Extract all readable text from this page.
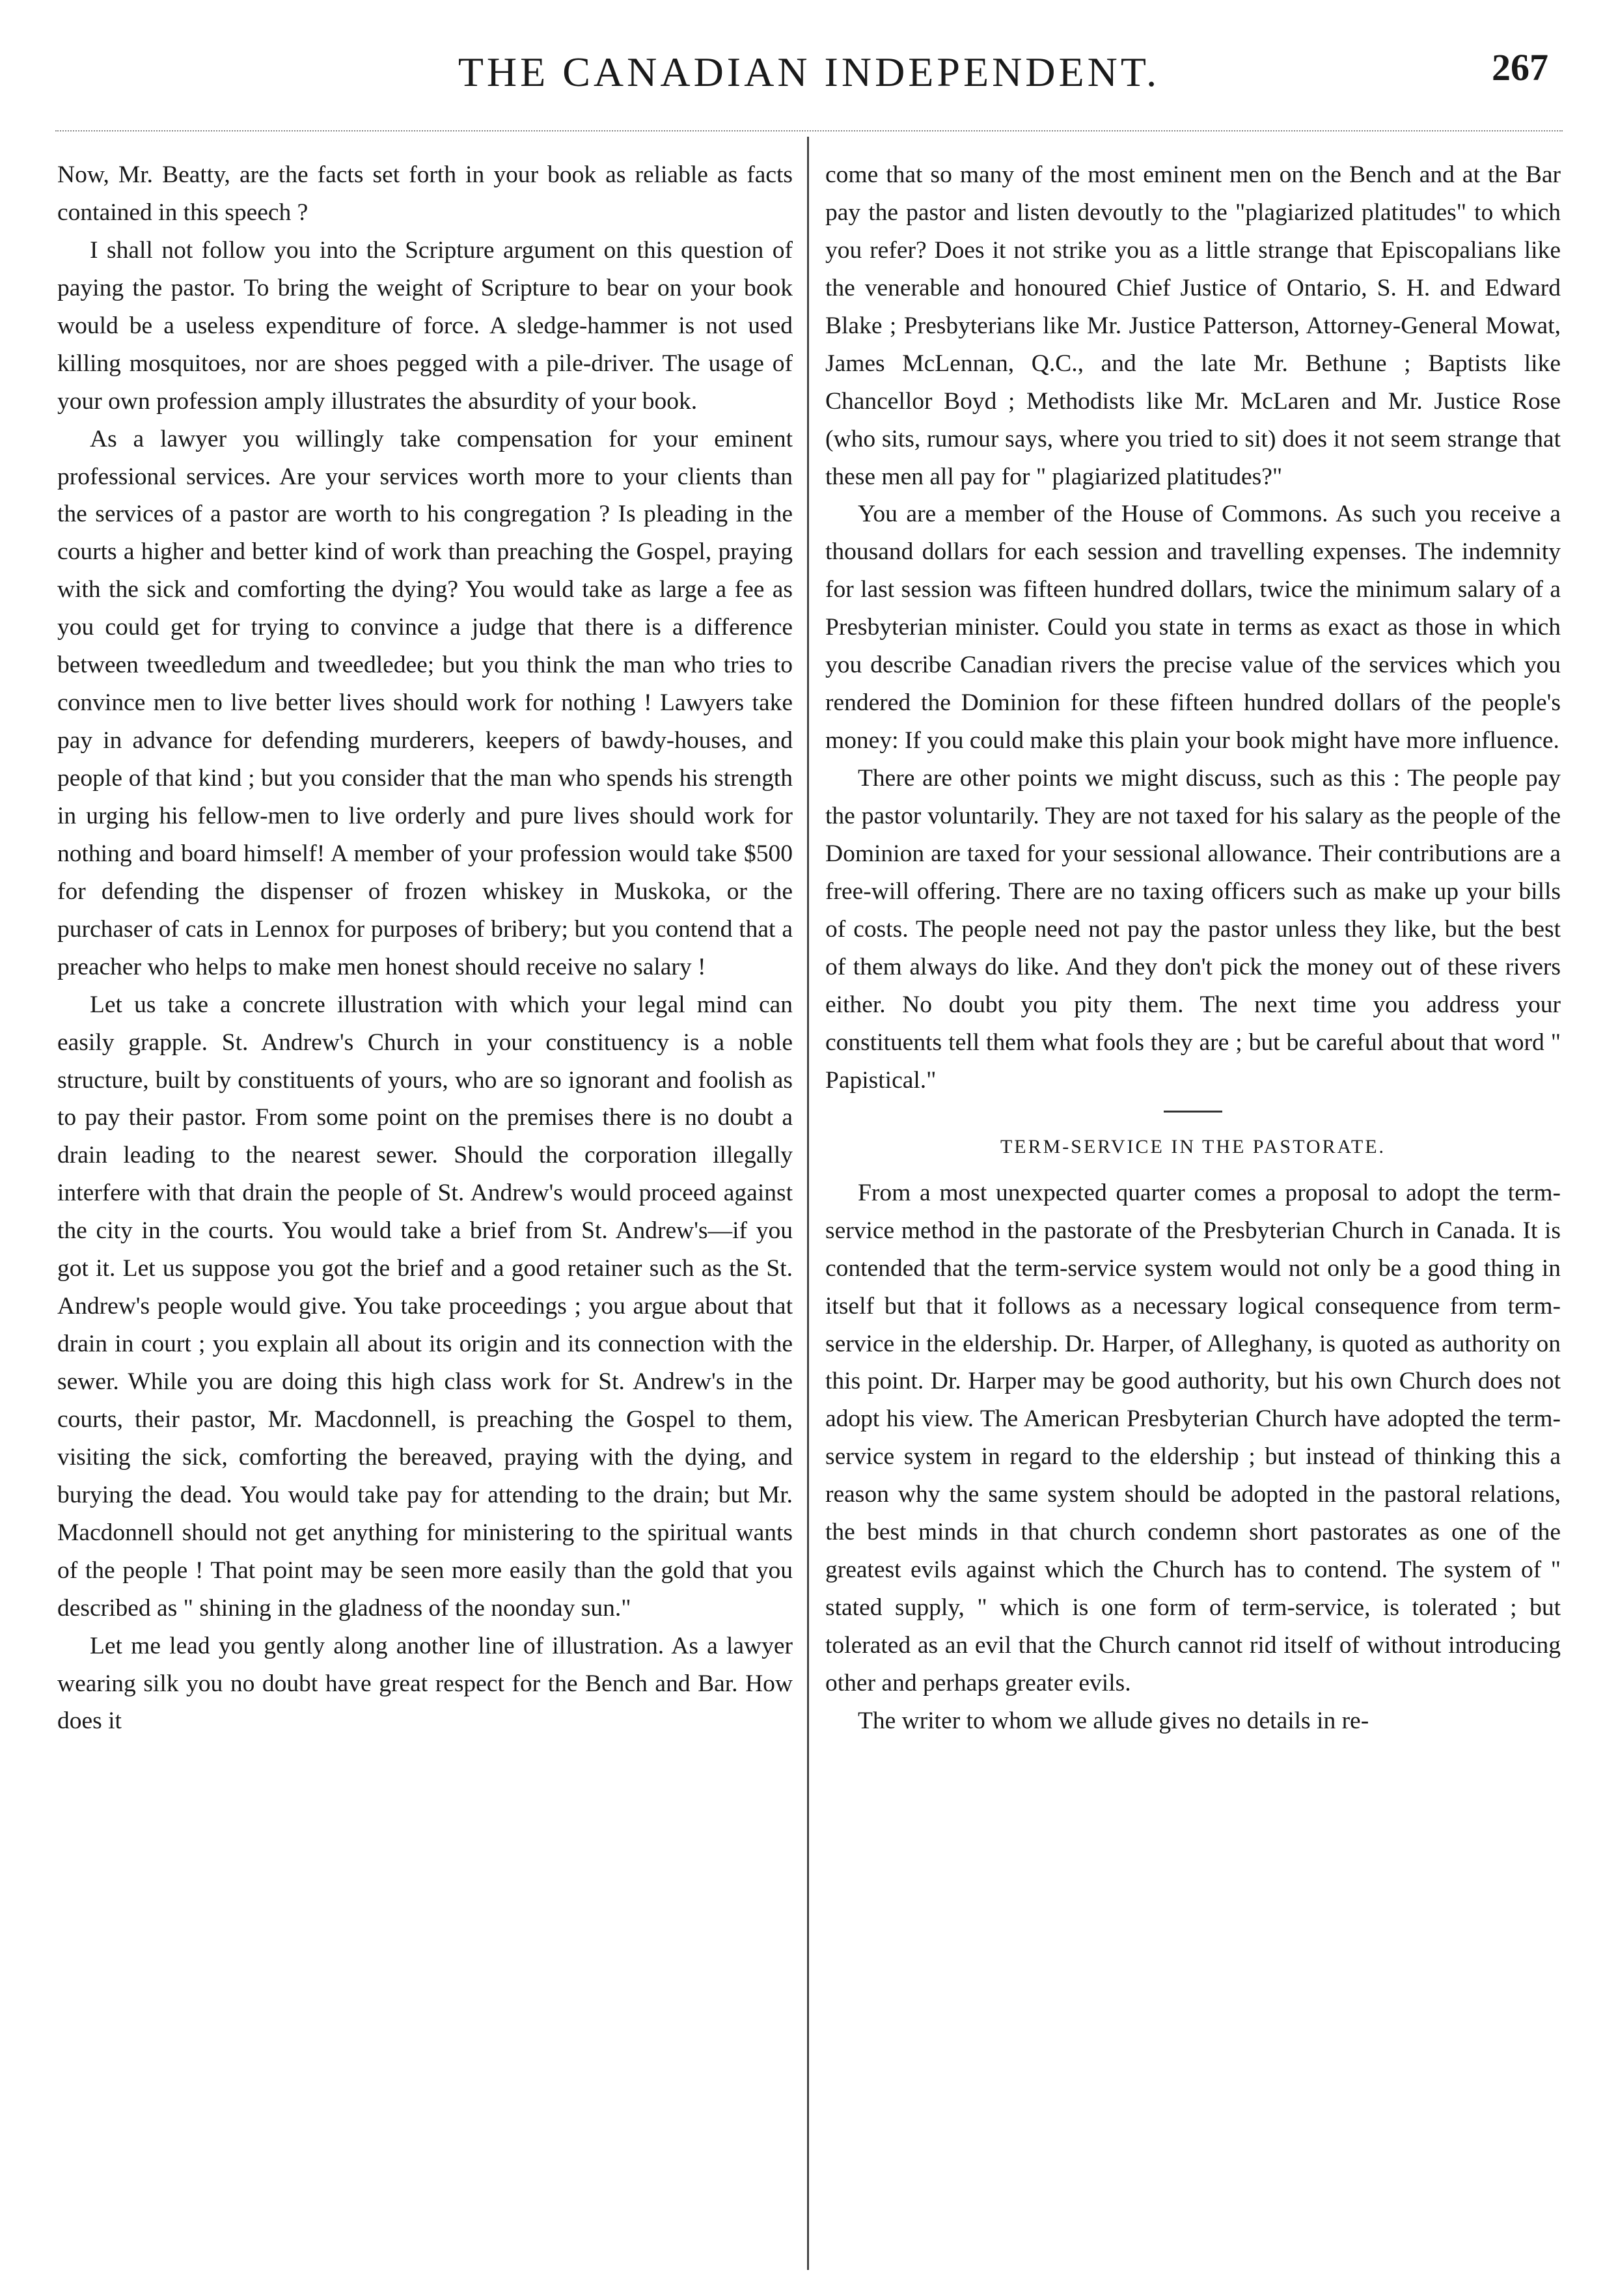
THE CANADIAN INDEPENDENT.	267

Now, Mr. Beatty, are the facts set forth in your book as reliable as facts contained in this speech ?

I shall not follow you into the Scripture argument on this question of paying the pastor. To bring the weight of Scripture to bear on your book would be a useless expenditure of force. A sledge-hammer is not used killing mosquitoes, nor are shoes pegged with a pile-driver. The usage of your own profession amply illustrates the absurdity of your book.

As a lawyer you willingly take compensation for your eminent professional services. Are your services worth more to your clients than the services of a pastor are worth to his congregation ? Is pleading in the courts a higher and better kind of work than preaching the Gospel, praying with the sick and comforting the dying? You would take as large a fee as you could get for trying to convince a judge that there is a difference between tweedledum and tweedledee; but you think the man who tries to convince men to live better lives should work for nothing ! Lawyers take pay in advance for defending murderers, keepers of bawdy-houses, and people of that kind ; but you consider that the man who spends his strength in urging his fellow-men to live orderly and pure lives should work for nothing and board himself! A member of your profession would take $500 for defending the dispenser of frozen whiskey in Muskoka, or the purchaser of cats in Lennox for purposes of bribery; but you contend that a preacher who helps to make men honest should receive no salary !

Let us take a concrete illustration with which your legal mind can easily grapple. St. Andrew's Church in your constituency is a noble structure, built by constituents of yours, who are so ignorant and foolish as to pay their pastor. From some point on the premises there is no doubt a drain leading to the nearest sewer. Should the corporation illegally interfere with that drain the people of St. Andrew's would proceed against the city in the courts. You would take a brief from St. Andrew's—if you got it. Let us suppose you got the brief and a good retainer such as the St. Andrew's people would give. You take proceedings ; you argue about that drain in court ; you explain all about its origin and its connection with the sewer. While you are doing this high class work for St. Andrew's in the courts, their pastor, Mr. Macdonnell, is preaching the Gospel to them, visiting the sick, comforting the bereaved, praying with the dying, and burying the dead. You would take pay for attending to the drain; but Mr. Macdonnell should not get anything for ministering to the spiritual wants of the people ! That point may be seen more easily than the gold that you described as " shining in the gladness of the noonday sun."

Let me lead you gently along another line of illustration. As a lawyer wearing silk you no doubt have great respect for the Bench and Bar. How does it

come that so many of the most eminent men on the Bench and at the Bar pay the pastor and listen devoutly to the "plagiarized platitudes" to which you refer? Does it not strike you as a little strange that Episcopalians like the venerable and honoured Chief Justice of Ontario, S. H. and Edward Blake ; Presbyterians like Mr. Justice Patterson, Attorney-General Mowat, James McLennan, Q.C., and the late Mr. Bethune ; Baptists like Chancellor Boyd ; Methodists like Mr. McLaren and Mr. Justice Rose (who sits, rumour says, where you tried to sit) does it not seem strange that these men all pay for " plagiarized platitudes?"

You are a member of the House of Commons. As such you receive a thousand dollars for each session and travelling expenses. The indemnity for last session was fifteen hundred dollars, twice the minimum salary of a Presbyterian minister. Could you state in terms as exact as those in which you describe Canadian rivers the precise value of the services which you rendered the Dominion for these fifteen hundred dollars of the people's money: If you could make this plain your book might have more influence.

There are other points we might discuss, such as this : The people pay the pastor voluntarily. They are not taxed for his salary as the people of the Dominion are taxed for your sessional allowance. Their contributions are a free-will offering. There are no taxing officers such as make up your bills of costs. The people need not pay the pastor unless they like, but the best of them always do like. And they don't pick the money out of these rivers either. No doubt you pity them. The next time you address your constituents tell them what fools they are ; but be careful about that word " Papistical."

TERM-SERVICE IN THE PASTORATE.

From a most unexpected quarter comes a proposal to adopt the term-service method in the pastorate of the Presbyterian Church in Canada. It is contended that the term-service system would not only be a good thing in itself but that it follows as a necessary logical consequence from term-service in the eldership. Dr. Harper, of Alleghany, is quoted as authority on this point. Dr. Harper may be good authority, but his own Church does not adopt his view. The American Presbyterian Church have adopted the term-service system in regard to the eldership ; but instead of thinking this a reason why the same system should be adopted in the pastoral relations, the best minds in that church condemn short pastorates as one of the greatest evils against which the Church has to contend. The system of " stated supply, " which is one form of term-service, is tolerated ; but tolerated as an evil that the Church cannot rid itself of without introducing other and perhaps greater evils.

The writer to whom we allude gives no details in re-
